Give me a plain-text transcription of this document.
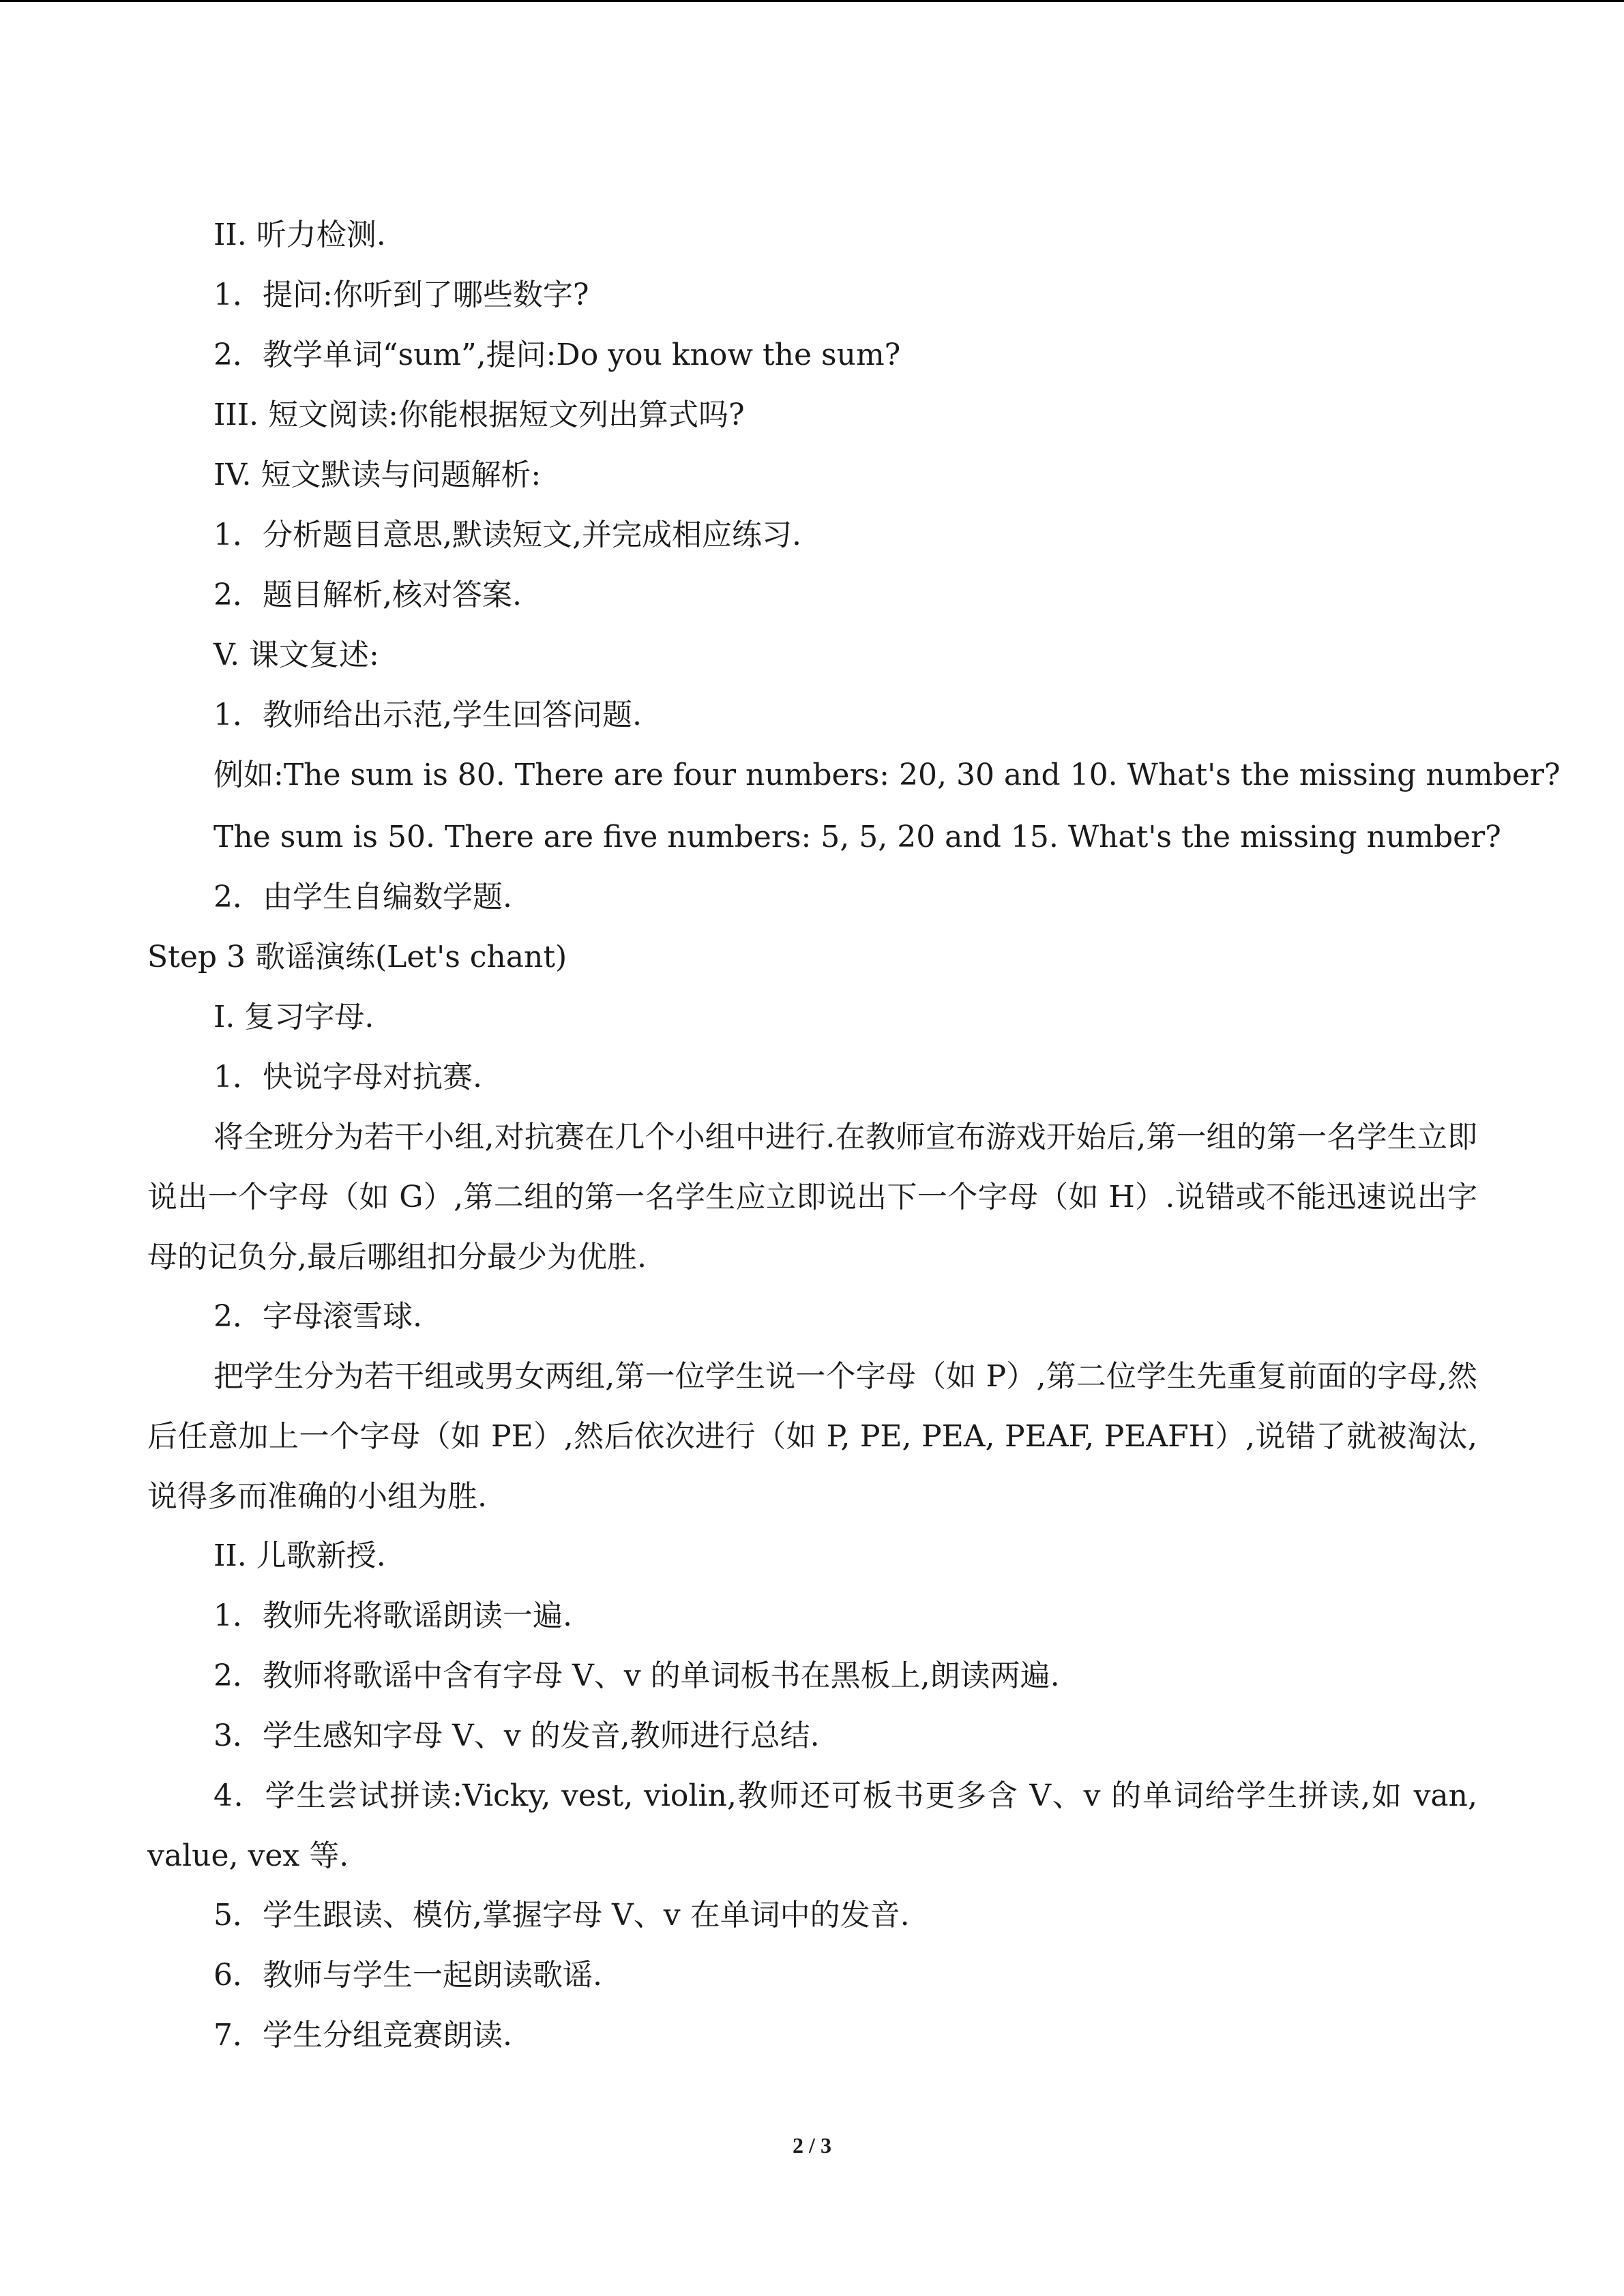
II. 听力检测.
1．提问:你听到了哪些数字?
2．教学单词“sum”,提问:Do you know the sum?
III. 短文阅读:你能根据短文列出算式吗?
IV. 短文默读与问题解析:
1．分析题目意思,默读短文,并完成相应练习.
2．题目解析,核对答案.
V. 课文复述:
1．教师给出示范,学生回答问题.
例如:The sum is 80. There are four numbers: 20, 30 and 10. What's the missing number?
The sum is 50. There are five numbers: 5, 5, 20 and 15. What's the missing number?
2．由学生自编数学题.
Step 3 歌谣演练(Let's chant)
I. 复习字母.
1．快说字母对抗赛.
将全班分为若干小组,对抗赛在几个小组中进行.在教师宣布游戏开始后,第一组的第一名学生立即说出一个字母（如 G）,第二组的第一名学生应立即说出下一个字母（如 H）.说错或不能迅速说出字母的记负分,最后哪组扣分最少为优胜.
2．字母滚雪球.
把学生分为若干组或男女两组,第一位学生说一个字母（如 P）,第二位学生先重复前面的字母,然后任意加上一个字母（如 PE）,然后依次进行（如 P, PE, PEA, PEAF, PEAFH）,说错了就被淘汰,说得多而准确的小组为胜.
II. 儿歌新授.
1．教师先将歌谣朗读一遍.
2．教师将歌谣中含有字母 V、v 的单词板书在黑板上,朗读两遍.
3．学生感知字母 V、v 的发音,教师进行总结.
4．学生尝试拼读:Vicky, vest, violin,教师还可板书更多含 V、v 的单词给学生拼读,如 van, value, vex 等.
5．学生跟读、模仿,掌握字母 V、v 在单词中的发音.
6．教师与学生一起朗读歌谣.
7．学生分组竞赛朗读.
2 / 3
